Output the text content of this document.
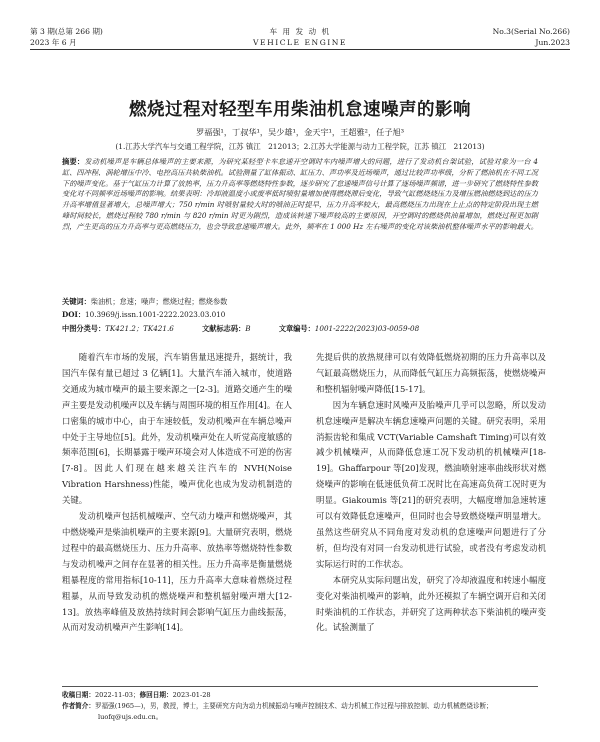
第 3 期(总第 266 期)
2023 年 6 月
车 用 发 动 机
VEHICLE ENGINE
No.3(Serial No.266)
Jun.2023
燃烧过程对轻型车用柴油机怠速噪声的影响
罗福强¹，丁叔华¹，吴少雄¹，金天宇¹，王超雅²，任子旭³
(1.江苏大学汽车与交通工程学院，江苏 镇江　212013；2.江苏大学能源与动力工程学院，江苏 镇江　212013)
摘要：发动机噪声是车辆总体噪声的主要来源，为研究某轻型卡车怠速开空调时车内噪声增大的问题，进行了发动机台架试验，试验对象为一台 4 缸、四冲程、涡轮增压中冷、电控高压共轨柴油机。试验测量了缸体振动、缸压力、声功率及近场噪声，通过比较声功率级，分析了燃油机在不同工况下的噪声变化。基于气缸压力计算了放热率，压力升高率等燃烧特性参数，逐步研究了怠速噪声信号计算了逐场噪声频谱，进一步研究了燃烧特性参数变化对不同频率近场噪声的影响。结果表明：冷却液温度小或废率低时喷射量增加使得燃烧滞后变化，导致气缸燃烧烧压力及增压燃油燃烧到达的压力升高率增值显著增大，总噪声增大；750 r/min 时喷射量较大时的喷油正时提早，压力升高率较大，最高燃烧压力出现在上止点的特定阶段出现主燃峰时间较长，燃烧过程较 780 r/min 与 820 r/min 时更为剧烈，造成该转速下噪声较高的主要原因，开空调时的燃烧供油量增加，燃烧过程更加剧烈，产生更高的压力升高率与更高燃烧压力，也会导致怠速噪声增大。此外，频率在 1 000 Hz 左右噪声的变化对该柴油机整体噪声水平的影响最大。
关键词：柴油机；怠速；噪声；燃烧过程；燃烧参数
DOI：10.3969/j.issn.1001-2222.2023.03.010
中图分类号：TK421.2；TK421.6	文献标志码：B	文章编号：1001-2222(2023)03-0059-08

随着汽车市场的发展，汽车销售量迅速提升，据统计，我国汽车保有量已超过 3 亿辆[1]。大量汽车涌入城市，使道路交通成为城市噪声的最主要来源之一[2-3]。道路交通产生的噪声主要是发动机噪声以及车辆与周围环境的相互作用[4]。在人口密集的城市中心，由于车速较低，发动机噪声在车辆总噪声中处于主导地位[5]。此外，发动机噪声处在人听觉高度敏感的频率范围[6]，长期暴露于噪声环境会对人体造成不可逆的伤害[7-8]。因此人们现在越来越关注汽车的 NVH(Noise Vibration Harshness)性能，噪声优化也成为发动机制造的关键。

发动机噪声包括机械噪声、空气动力噪声和燃烧噪声，其中燃烧噪声是柴油机噪声的主要来源[9]。大量研究表明，燃烧过程中的最高燃烧压力、压力升高率、放热率等燃烧特性参数与发动机噪声之间存在显著的相关性。压力升高率是衡量燃烧粗暴程度的常用指标[10-11]，压力升高率大意味着燃烧过程粗暴，从而导致发动机的燃烧噪声和整机辐射噪声增大[12-13]。放热率峰值及放热持续时间会影响气缸压力曲线振荡，从而对发动机噪声产生影响[14]。

先提后供的放热规律可以有效降低燃烧初期的压力升高率以及气缸最高燃烧压力，从而降低气缸压力高频振荡，使燃烧噪声和整机辐射噪声降低[15-17]。

因为车辆怠速时风噪声及胎噪声几乎可以忽略，所以发动机怠速噪声是解决车辆怠速噪声问题的关键。研究表明，采用消振齿轮和集成 VCT(Variable Camshaft Timing)可以有效减少机械噪声，从而降低怠速工况下发动机的机械噪声[18-19]。Ghaffarpour 等[20]发现，燃油喷射速率曲线形状对燃烧噪声的影响在低速低负荷工况时比在高速高负荷工况时更为明显。Giakoumis 等[21]的研究表明，大幅度增加急速转速可以有效降低怠速噪声，但同时也会导致燃烧噪声明显增大。虽然这些研究从不同角度对发动机的怠速噪声问题进行了分析，但均没有对同一台发动机进行试验，或者没有考虑发动机实际运行时的工作状态。

本研究从实际问题出发，研究了冷却液温度和转速小幅度变化对柴油机噪声的影响，此外还模拟了车辆空调开启和关闭时柴油机的工作状态，并研究了这两种状态下柴油机的噪声变化。试验测量了

收稿日期：2022-11-03；修回日期：2023-01-28
作者简介：罗福强(1965—)，男，教授，博士，主要研究方向为动力机械振动与噪声控制技术、动力机械工作过程与排放控制、动力机械燃烧诊断；
luofq@ujs.edu.cn。
